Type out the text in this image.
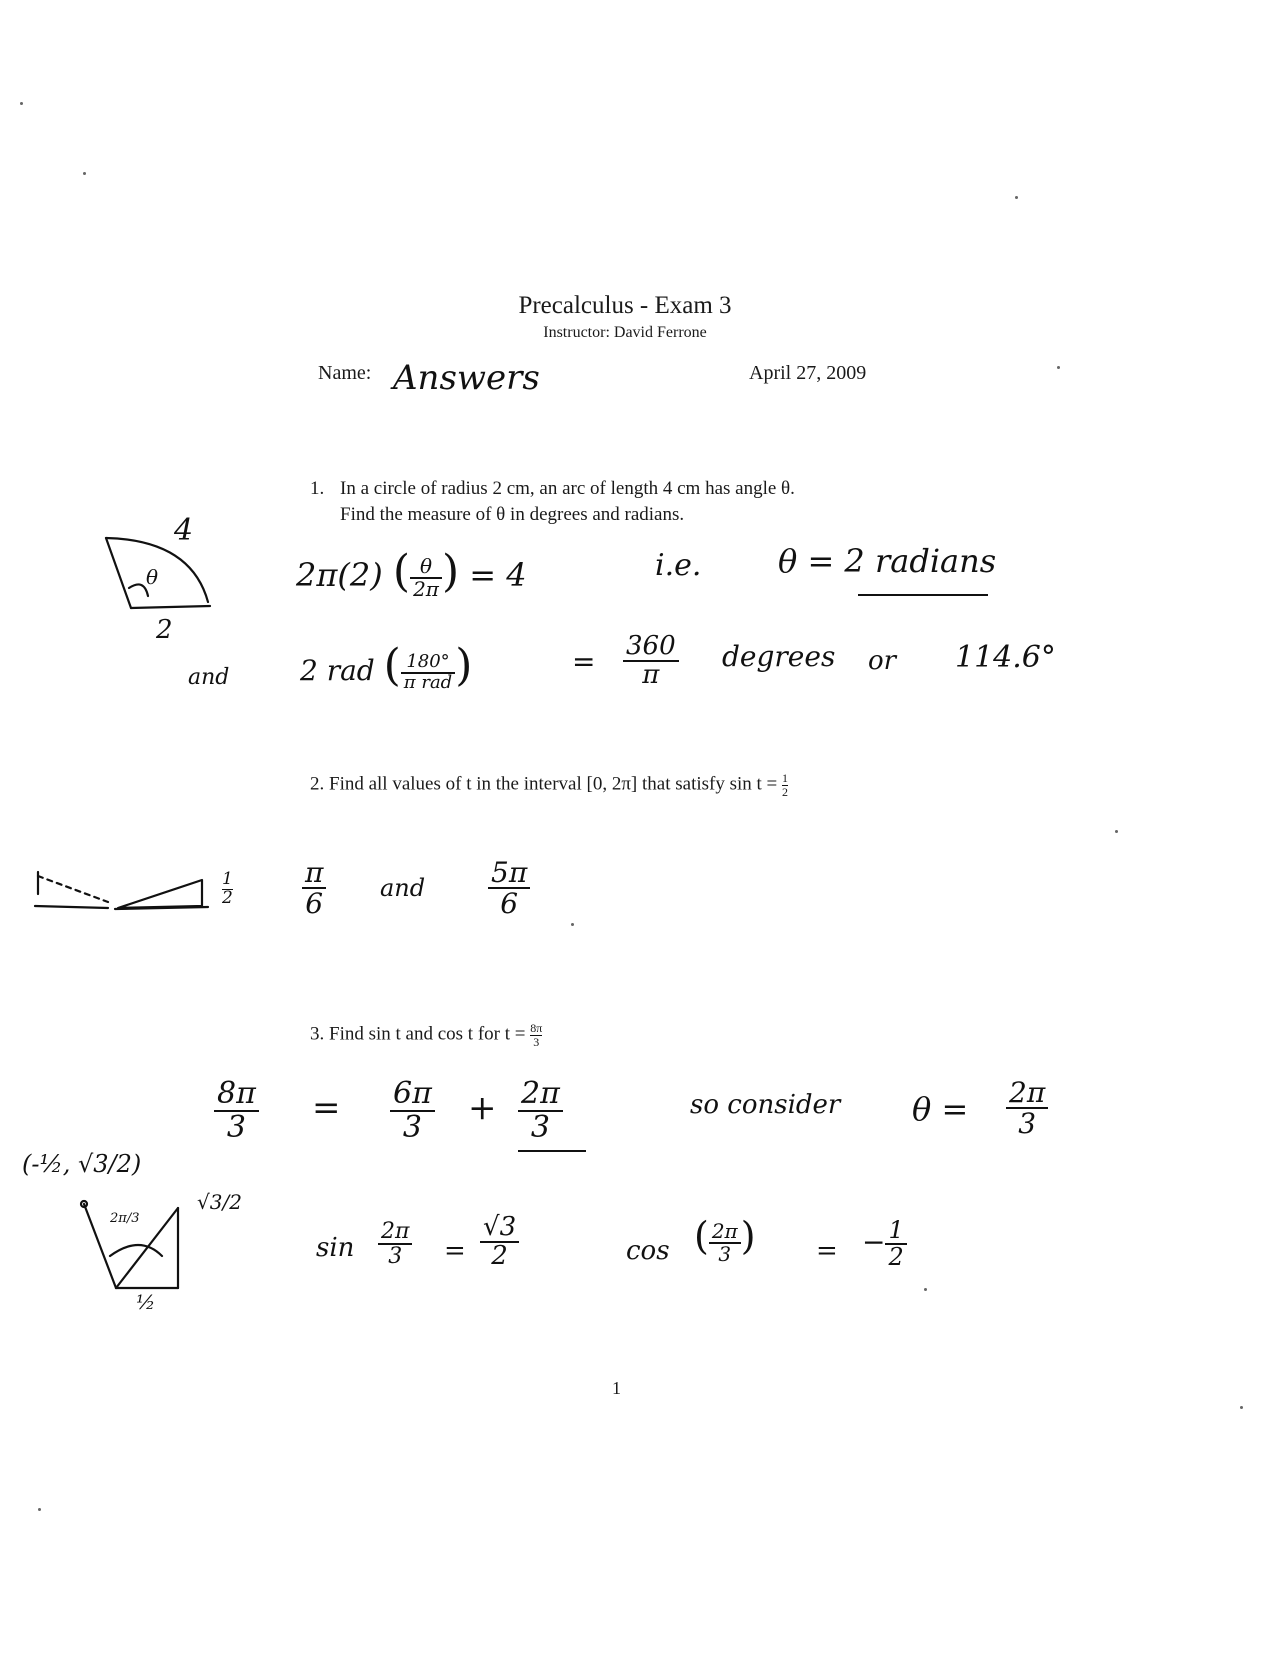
Precalculus - Exam 3
Instructor: David Ferrone
Name: Answers	April 27, 2009
1. In a circle of radius 2 cm, an arc of length 4 cm has angle θ.
Find the measure of θ in degrees and radians.
4
θ
2
2π(2) ( $\frac{\theta}{2\pi}$ ) = 4	i.e. θ = 2 radians
and	2 rad ( $\frac{180^\circ}{\text{π rad}}$ )	= $\frac{360}{\pi}$ degrees or 114.6°
2. Find all values of t in the interval [0, 2π] that satisfy $\sin t = \frac{1}{2}$
$\frac{1}{2} \frac{\pi}{6}$ and $\frac{5\pi}{6}$
3. Find sin t and cos t for $t = \frac{8\pi}{3}$
$\frac{8\pi}{3} = \frac{6\pi}{3} + \frac{2\pi}{3}$	so consider $\theta = \frac{2\pi}{3}$
(-½, √3/2)
2π/3
√3/2
½
$\sin \frac{2\pi}{3} = \frac{√3}{2}$	cos ( $\frac{2\pi}{3}$ ) = − $\frac{1}{2}$
1
